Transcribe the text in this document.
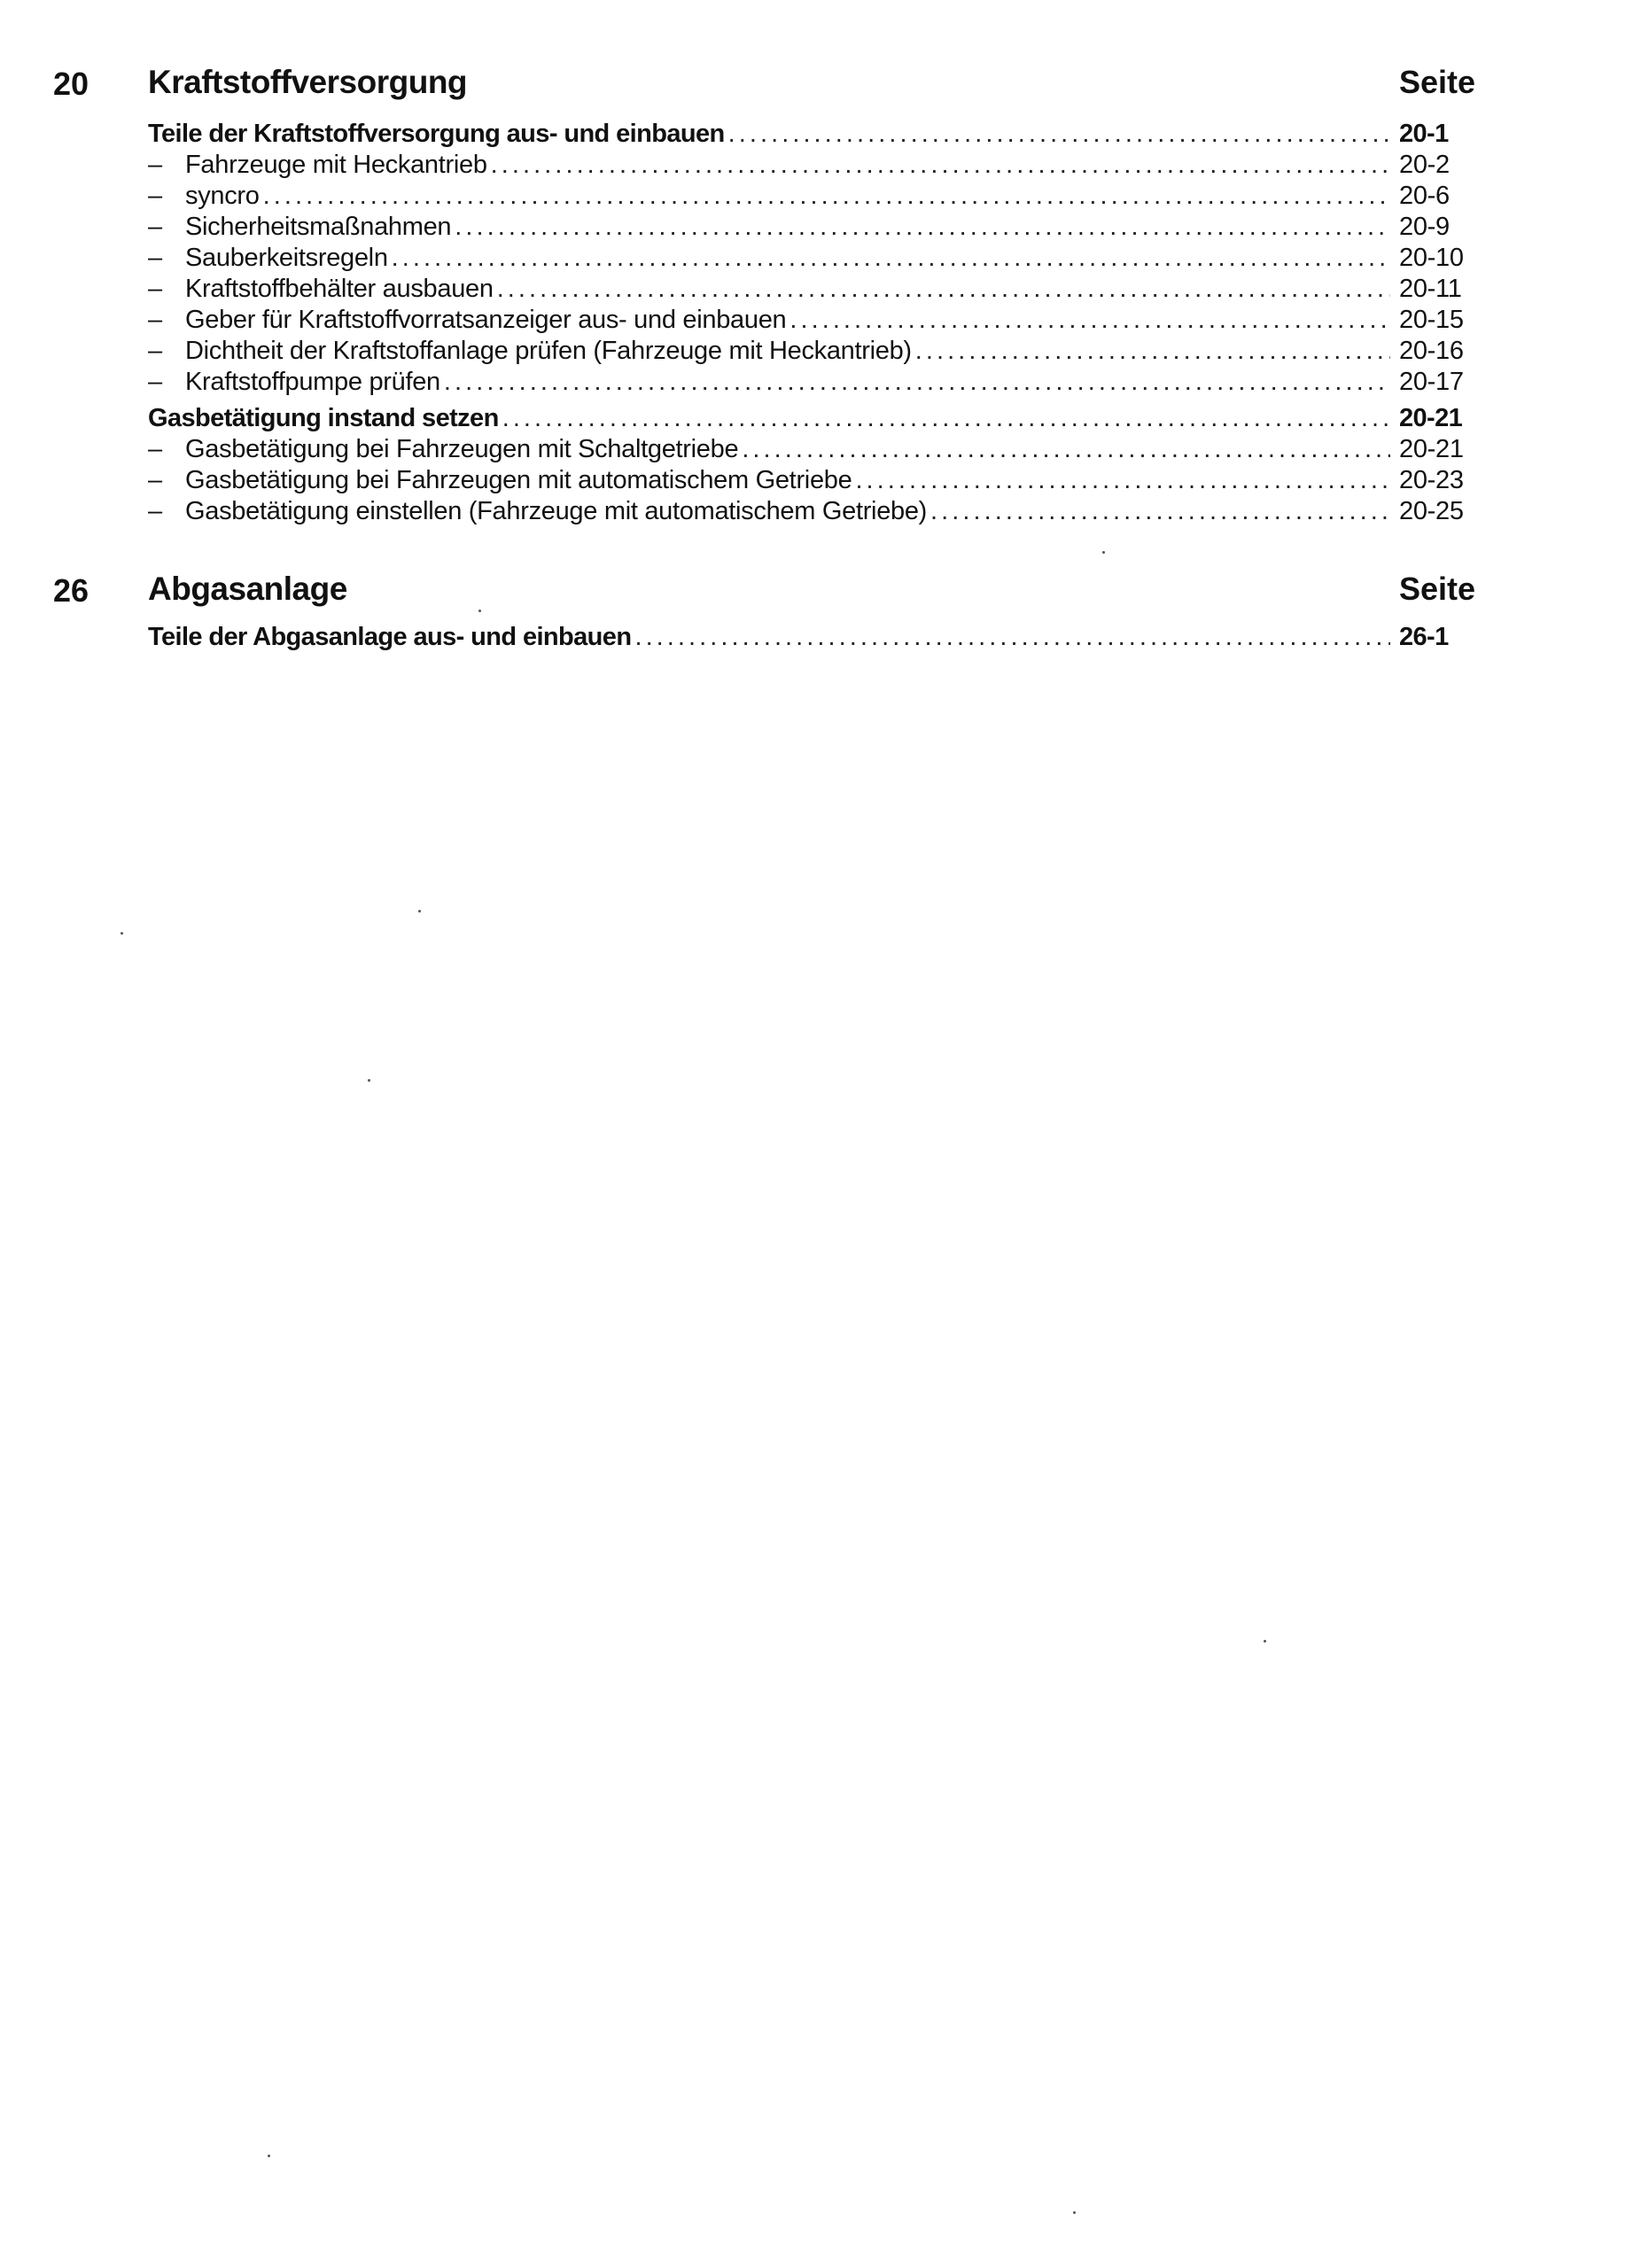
20 Kraftstoffversorgung	Seite
Teile der Kraftstoffversorgung aus- und einbauen . . .	20-1
– Fahrzeuge mit Heckantrieb . . .	20-2
– syncro . . .	20-6
– Sicherheitsmaßnahmen . . .	20-9
– Sauberkeitsregeln . . .	20-10
– Kraftstoffbehälter ausbauen . . .	20-11
– Geber für Kraftstoffvorratsanzeiger aus- und einbauen . . .	20-15
– Dichtheit der Kraftstoffanlage prüfen (Fahrzeuge mit Heckantrieb) . . .	20-16
– Kraftstoffpumpe prüfen . . .	20-17
Gasbetätigung instand setzen . . .	20-21
– Gasbetätigung bei Fahrzeugen mit Schaltgetriebe . . .	20-21
– Gasbetätigung bei Fahrzeugen mit automatischem Getriebe . . .	20-23
– Gasbetätigung einstellen (Fahrzeuge mit automatischem Getriebe) . . .	20-25
26 Abgasanlage	Seite
Teile der Abgasanlage aus- und einbauen . . .	26-1
